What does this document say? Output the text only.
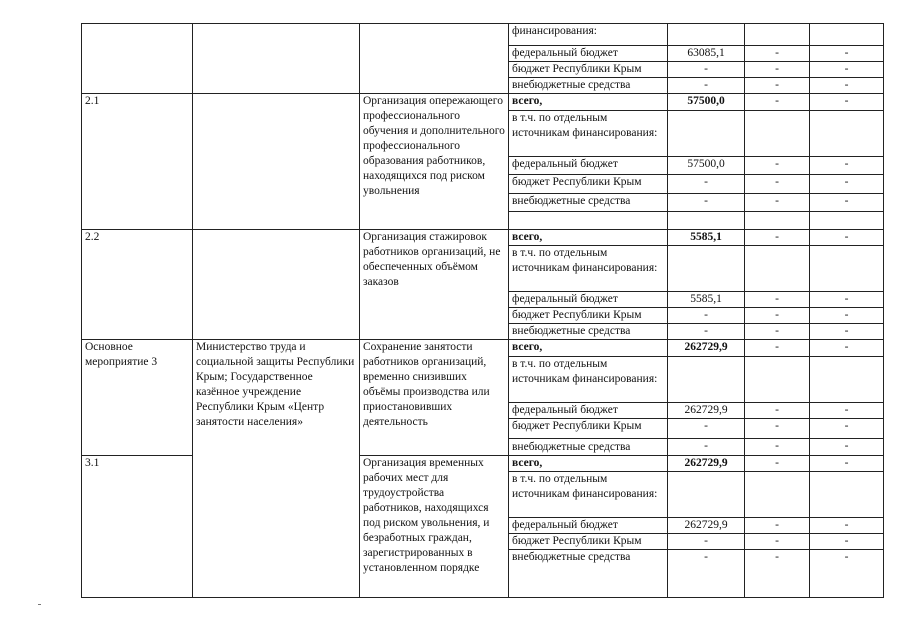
			финансирования:			
			федеральный бюджет	63085,1	-	-
			бюджет Республики Крым	-	-	-
			внебюджетные средства	-	-	-
2.1		Организация опережающего профессионального обучения и дополнительного профессионального образования работников, находящихся под риском увольнения	всего,	57500,0	-	-
			в т.ч. по отдельным источникам финансирования:			
			федеральный бюджет	57500,0	-	-
			бюджет Республики Крым	-	-	-
			внебюджетные средства	-	-	-

2.2		Организация стажировок работников организаций, не обеспеченных объёмом заказов	всего,	5585,1	-	-
			в т.ч. по отдельным источникам финансирования:			
			федеральный бюджет	5585,1	-	-
			бюджет Республики Крым	-	-	-
			внебюджетные средства	-	-	-
Основное мероприятие 3	Министерство труда и социальной защиты Республики Крым; Государственное казённое учреждение Республики Крым «Центр занятости населения»	Сохранение занятости работников организаций, временно снизивших объёмы производства или приостановивших деятельность	всего,	262729,9	-	-
			в т.ч. по отдельным источникам финансирования:			
			федеральный бюджет	262729,9	-	-
			бюджет Республики Крым	-	-	-
			внебюджетные средства	-	-	-
3.1		Организация временных рабочих мест для трудоустройства работников, находящихся под риском увольнения, и безработных граждан, зарегистрированных в установленном порядке	всего,	262729,9	-	-
			в т.ч. по отдельным источникам финансирования:			
			федеральный бюджет	262729,9	-	-
			бюджет Республики Крым	-	-	-
			внебюджетные средства	-	-	-
